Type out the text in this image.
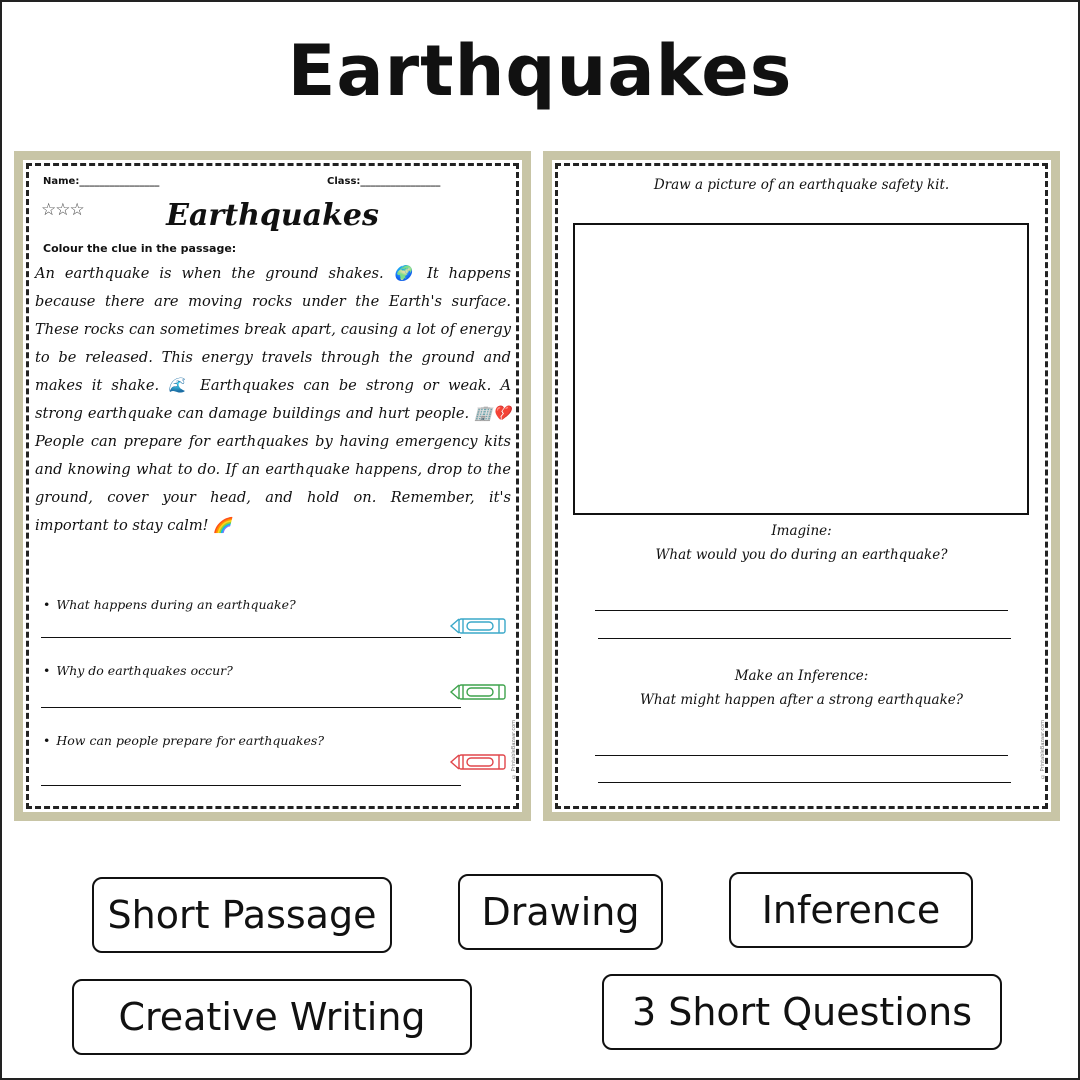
Earthquakes
Name:________________	Class:________________
☆☆☆	Earthquakes
Colour the clue in the passage:
An earthquake is when the ground shakes. 🌍 It happens because there are moving rocks under the Earth's surface. These rocks can sometimes break apart, causing a lot of energy to be released. This energy travels through the ground and makes it shake. 🌊 Earthquakes can be strong or weak. A strong earthquake can damage buildings and hurt people. 🏢💔 People can prepare for earthquakes by having emergency kits and knowing what to do. If an earthquake happens, drop to the ground, cover your head, and hold on. Remember, it's important to stay calm! 🌈
• What happens during an earthquake?
• Why do earthquakes occur?
• How can people prepare for earthquakes?	© PrintableBazaar.com
Draw a picture of an earthquake safety kit.
Imagine:
What would you do during an earthquake?
Make an Inference:
What might happen after a strong earthquake?
© PrintableBazaar.com
Short Passage	Drawing	Inference
Creative Writing	3 Short Questions
